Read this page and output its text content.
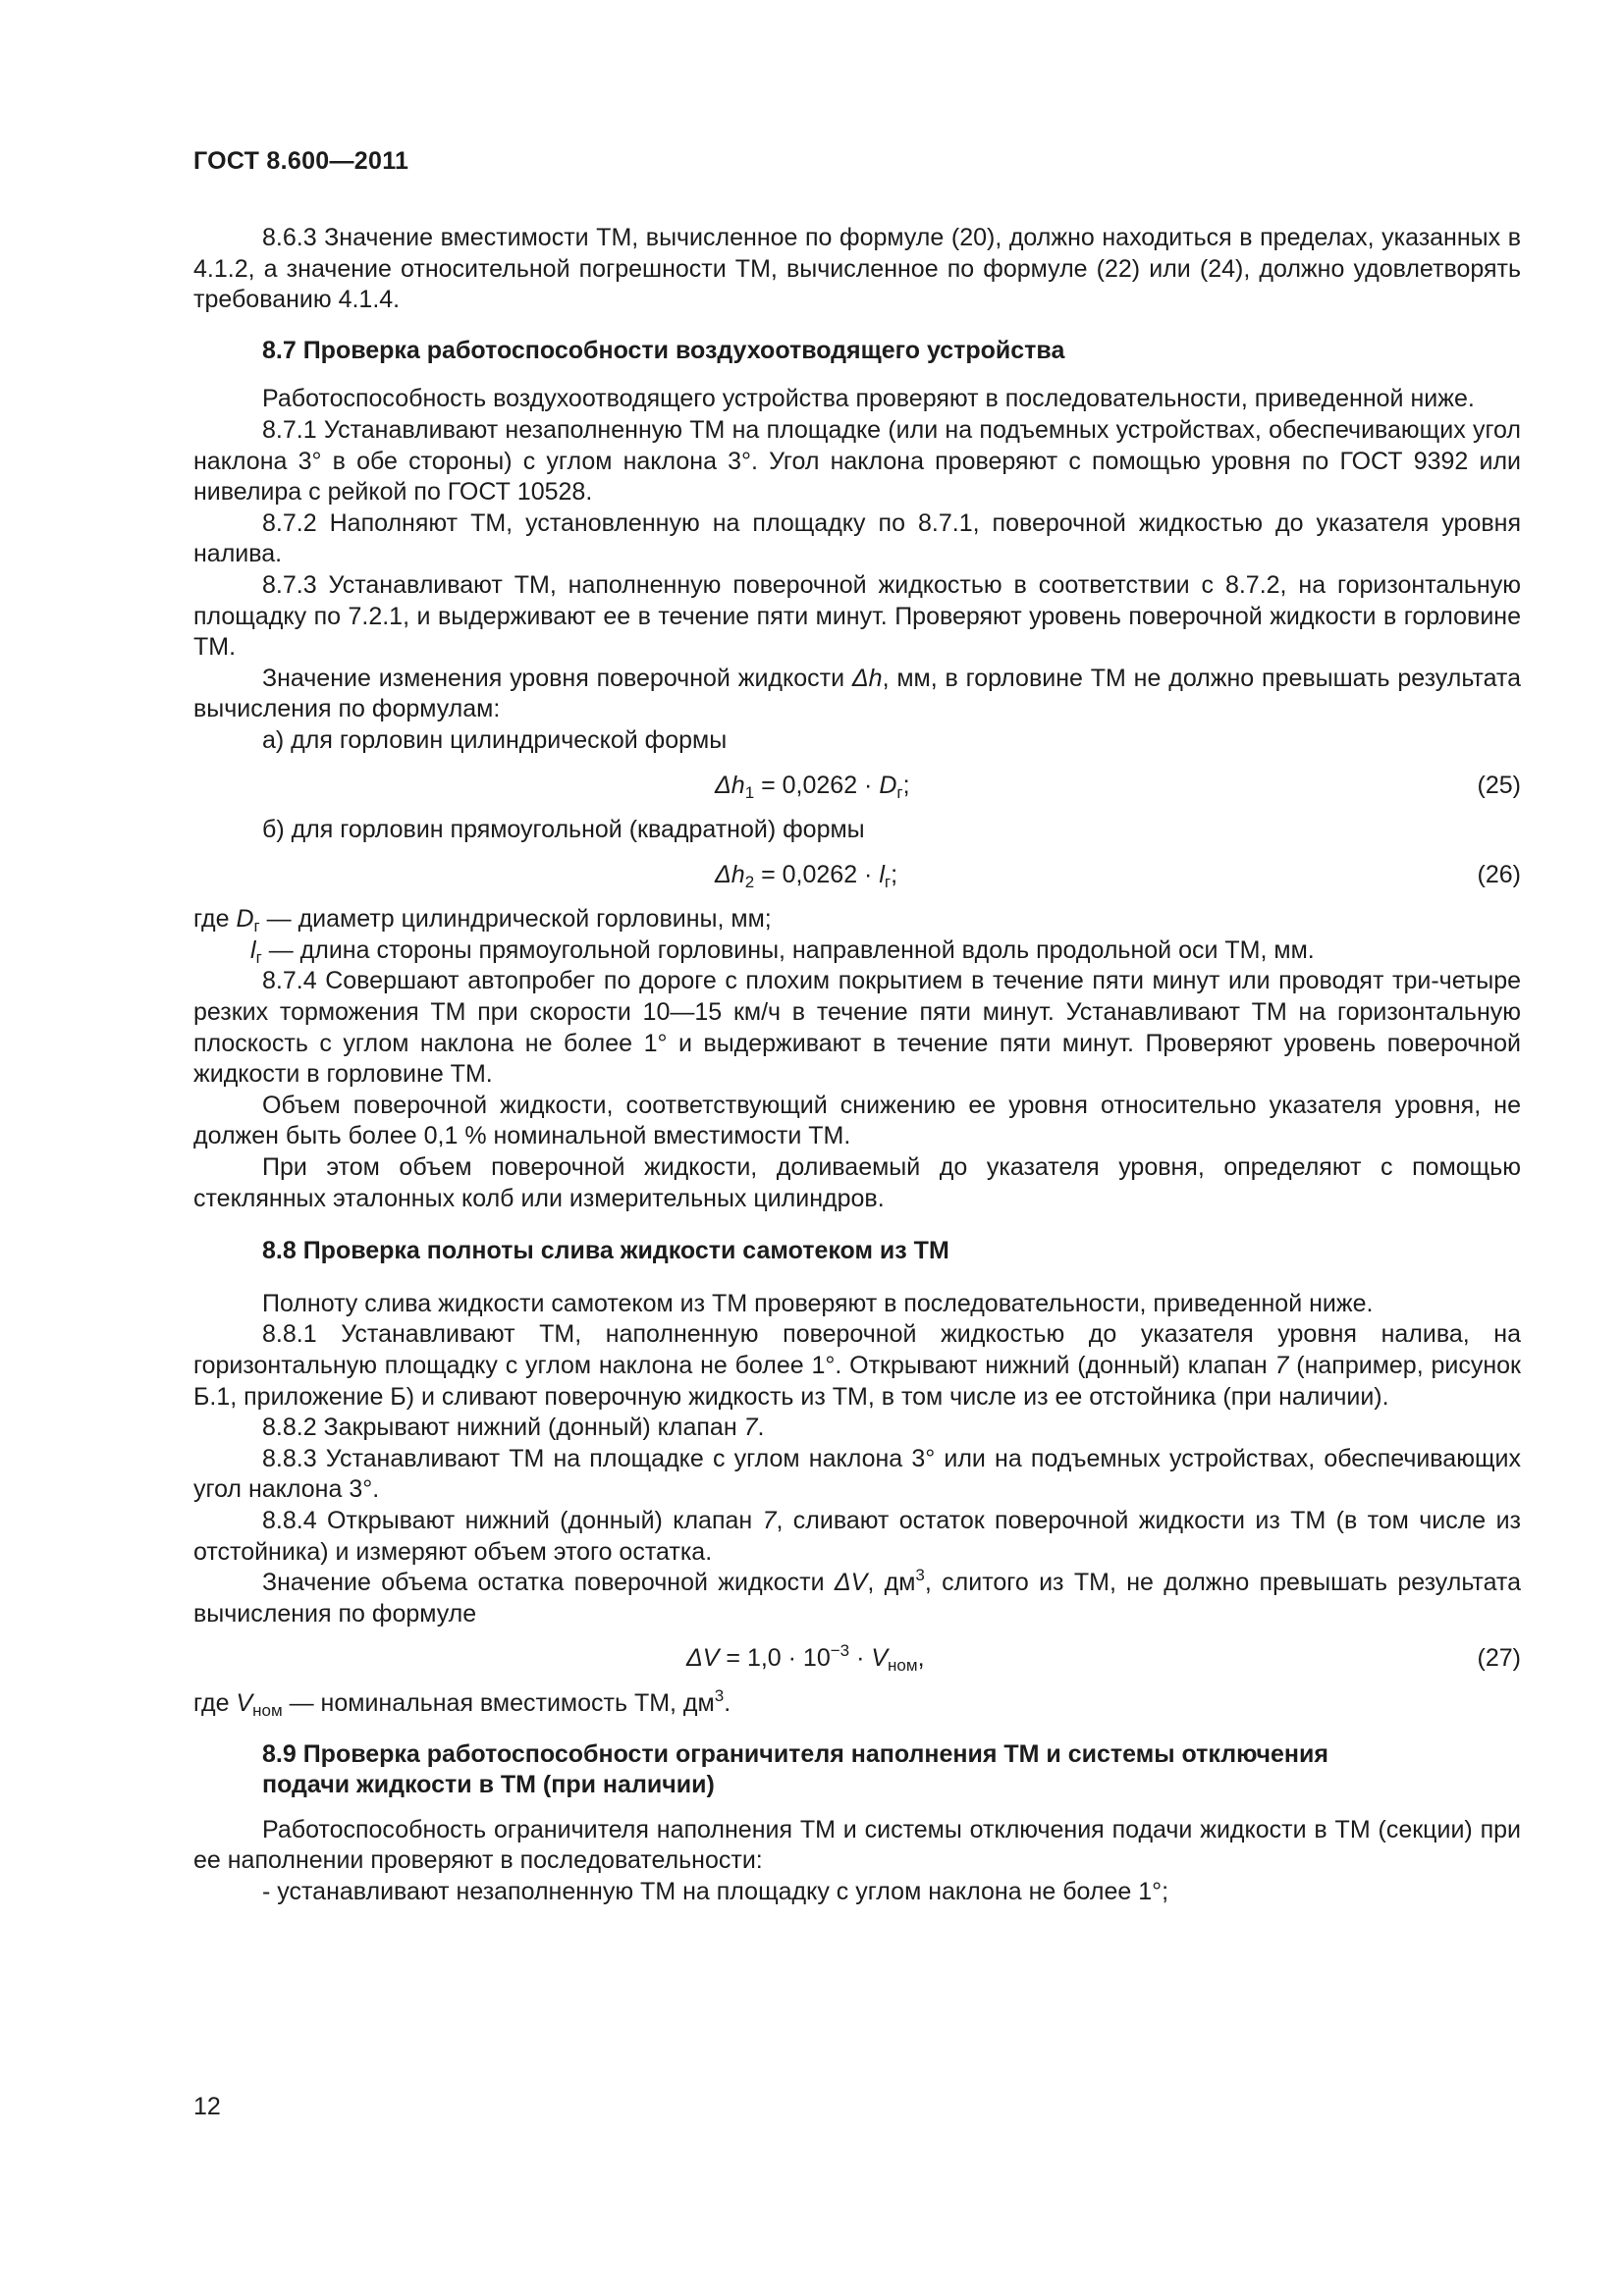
ГОСТ 8.600—2011

8.6.3 Значение вместимости ТМ, вычисленное по формуле (20), должно находиться в пределах, указанных в 4.1.2, а значение относительной погрешности ТМ, вычисленное по формуле (22) или (24), должно удовлетворять требованию 4.1.4.

8.7 Проверка работоспособности воздухоотводящего устройства

Работоспособность воздухоотводящего устройства проверяют в последовательности, приведенной ниже.

8.7.1 Устанавливают незаполненную ТМ на площадке (или на подъемных устройствах, обеспечивающих угол наклона 3° в обе стороны) с углом наклона 3°. Угол наклона проверяют с помощью уровня по ГОСТ 9392 или нивелира с рейкой по ГОСТ 10528.

8.7.2 Наполняют ТМ, установленную на площадку по 8.7.1, поверочной жидкостью до указателя уровня налива.

8.7.3 Устанавливают ТМ, наполненную поверочной жидкостью в соответствии с 8.7.2, на горизонтальную площадку по 7.2.1, и выдерживают ее в течение пяти минут. Проверяют уровень поверочной жидкости в горловине ТМ.

Значение изменения уровня поверочной жидкости Δh, мм, в горловине ТМ не должно превышать результата вычисления по формулам:

а) для горловин цилиндрической формы

$\Delta h_1 = 0,0262 \cdot D_г$;	(25)

б) для горловин прямоугольной (квадратной) формы

$\Delta h_2 = 0,0262 \cdot l_г$;	(26)

где $D_г$ — диаметр цилиндрической горловины, мм;

$l_г$ — длина стороны прямоугольной горловины, направленной вдоль продольной оси ТМ, мм.

8.7.4 Совершают автопробег по дороге с плохим покрытием в течение пяти минут или проводят три-четыре резких торможения ТМ при скорости 10—15 км/ч в течение пяти минут. Устанавливают ТМ на горизонтальную плоскость с углом наклона не более 1° и выдерживают в течение пяти минут. Проверяют уровень поверочной жидкости в горловине ТМ.

Объем поверочной жидкости, соответствующий снижению ее уровня относительно указателя уровня, не должен быть более 0,1 % номинальной вместимости ТМ.

При этом объем поверочной жидкости, доливаемый до указателя уровня, определяют с помощью стеклянных эталонных колб или измерительных цилиндров.

8.8 Проверка полноты слива жидкости самотеком из ТМ

Полноту слива жидкости самотеком из ТМ проверяют в последовательности, приведенной ниже.

8.8.1 Устанавливают ТМ, наполненную поверочной жидкостью до указателя уровня налива, на горизонтальную площадку с углом наклона не более 1°. Открывают нижний (донный) клапан 7 (например, рисунок Б.1, приложение Б) и сливают поверочную жидкость из ТМ, в том числе из ее отстойника (при наличии).

8.8.2 Закрывают нижний (донный) клапан 7.

8.8.3 Устанавливают ТМ на площадке с углом наклона 3° или на подъемных устройствах, обеспечивающих угол наклона 3°.

8.8.4 Открывают нижний (донный) клапан 7, сливают остаток поверочной жидкости из ТМ (в том числе из отстойника) и измеряют объем этого остатка.

Значение объема остатка поверочной жидкости ΔV, $дм^3$, слитого из ТМ, не должно превышать результата вычисления по формуле

$\Delta V = 1,0 \cdot 10^{-3} \cdot V_{ном}$,	(27)

где $V_{ном}$ — номинальная вместимость ТМ, $дм^3$.

8.9 Проверка работоспособности ограничителя наполнения ТМ и системы отключения
подачи жидкости в ТМ (при наличии)

Работоспособность ограничителя наполнения ТМ и системы отключения подачи жидкости в ТМ (секции) при ее наполнении проверяют в последовательности:

- устанавливают незаполненную ТМ на площадку с углом наклона не более 1°;

12
